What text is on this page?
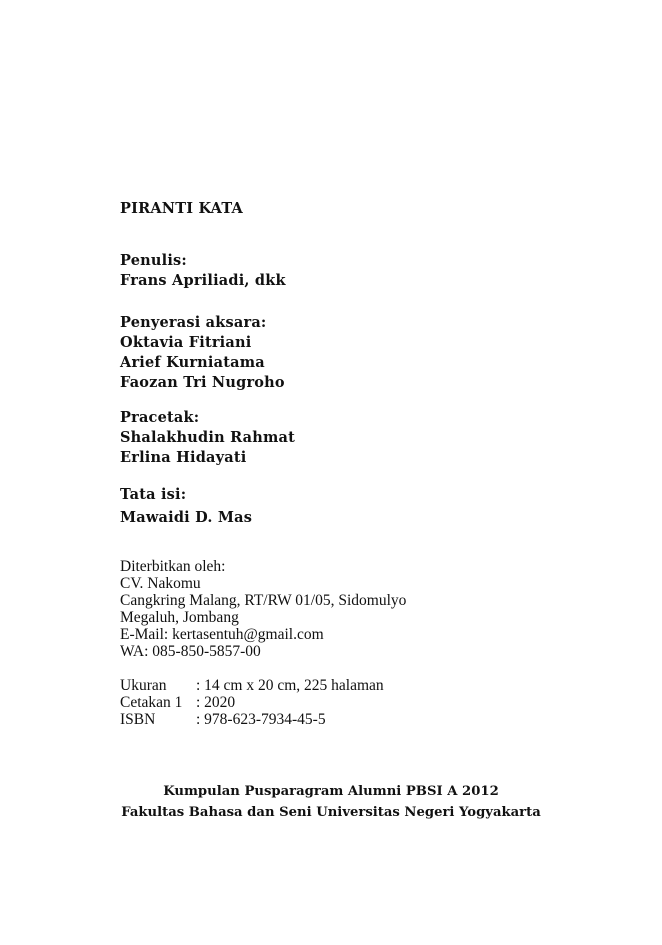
PIRANTI KATA
Penulis:
Frans Apriliadi, dkk
Penyerasi aksara:
Oktavia Fitriani
Arief Kurniatama
Faozan Tri Nugroho
Pracetak:
Shalakhudin Rahmat
Erlina Hidayati
Tata isi:
Mawaidi D. Mas
Diterbitkan oleh:
CV. Nakomu
Cangkring Malang, RT/RW 01/05, Sidomulyo
Megaluh, Jombang
E-Mail: kertasentuh@gmail.com
WA: 085-850-5857-00
Ukuran	: 14 cm x 20 cm, 225 halaman
Cetakan 1 : 2020
ISBN	: 978-623-7934-45-5
Kumpulan Pusparagram Alumni PBSI A 2012
Fakultas Bahasa dan Seni Universitas Negeri Yogyakarta
